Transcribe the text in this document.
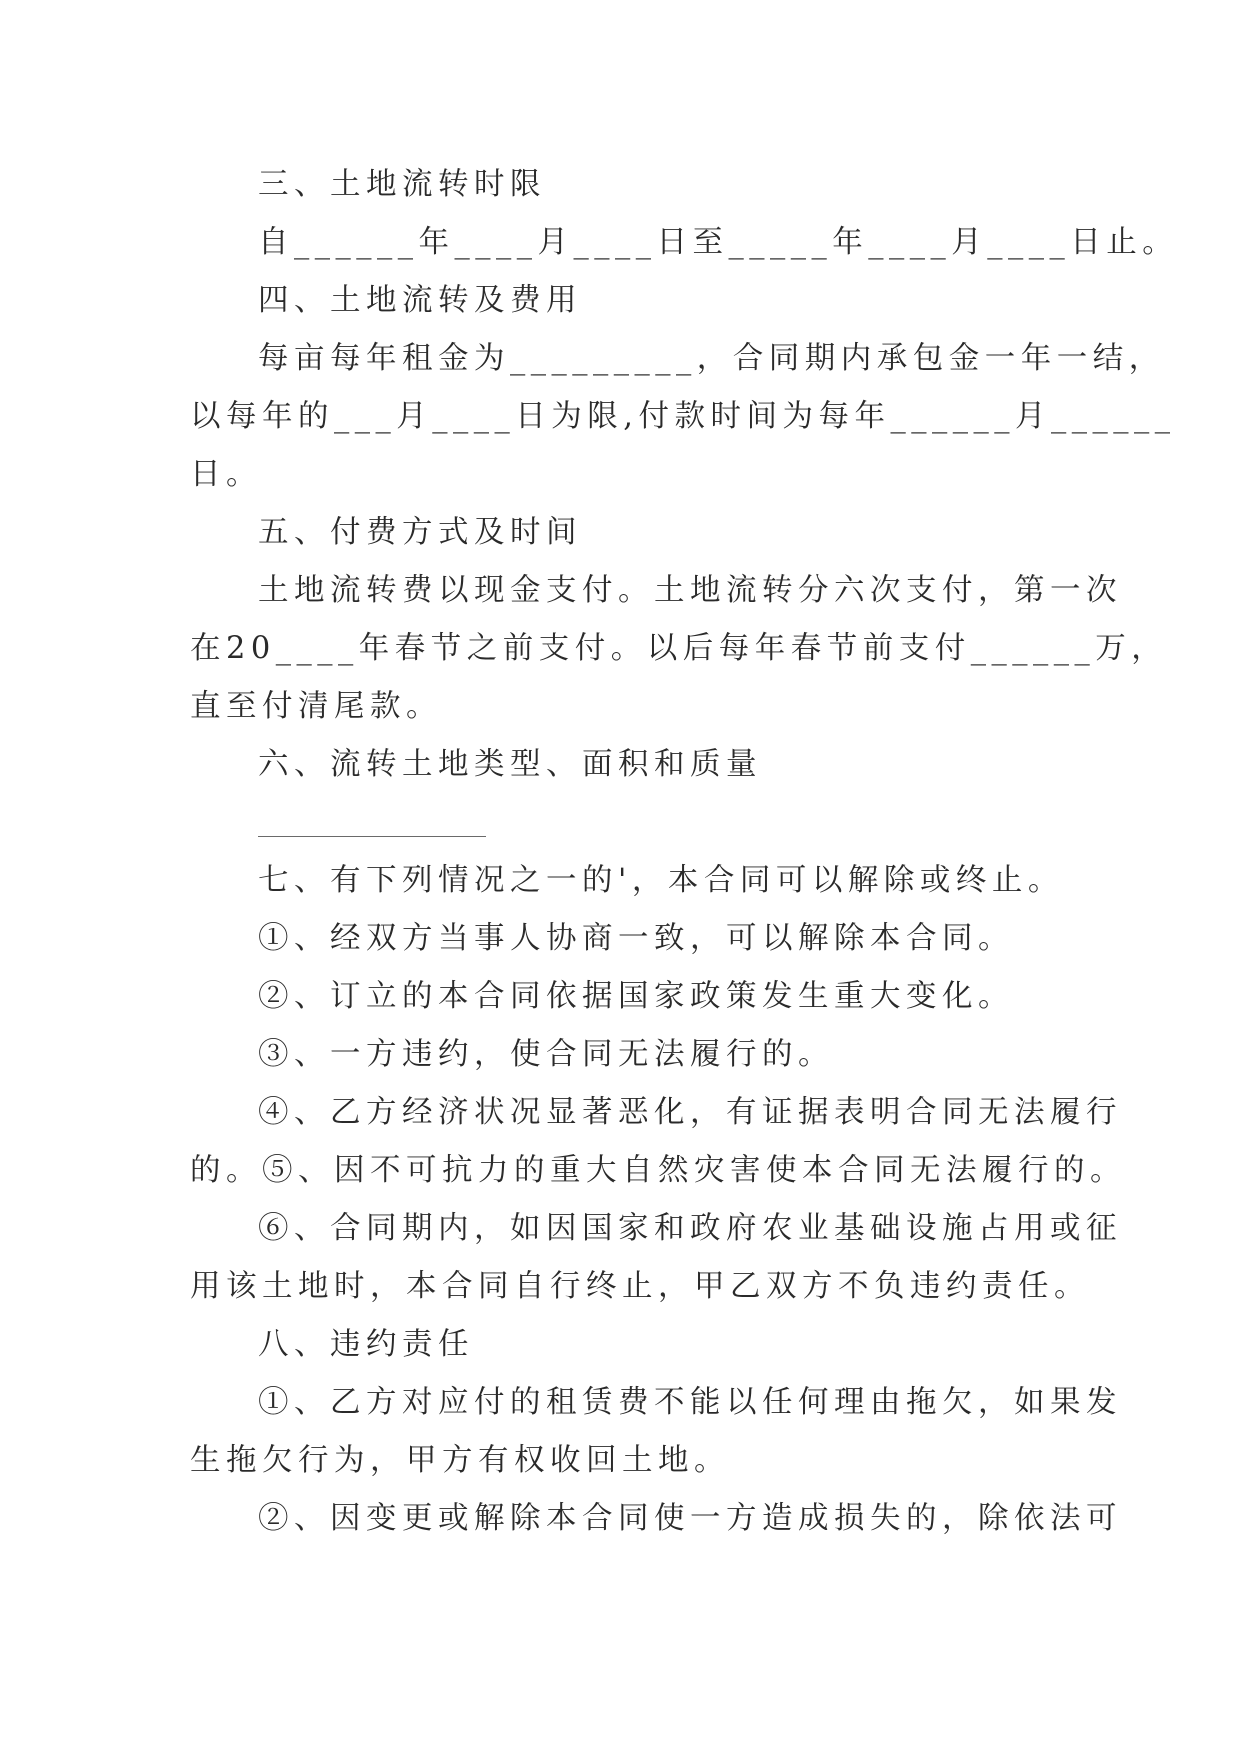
三、土地流转时限
自______年____月____日至_____年____月____日止。
四、土地流转及费用
每亩每年租金为_________，合同期内承包金一年一结，
以每年的___月____日为限,付款时间为每年______月______
日。
五、付费方式及时间
土地流转费以现金支付。土地流转分六次支付，第一次
在20____年春节之前支付。以后每年春节前支付______万，
直至付清尾款。
六、流转土地类型、面积和质量
七、有下列情况之一的'，本合同可以解除或终止。
①、经双方当事人协商一致，可以解除本合同。
②、订立的本合同依据国家政策发生重大变化。
③、一方违约，使合同无法履行的。
④、乙方经济状况显著恶化，有证据表明合同无法履行
的。⑤、因不可抗力的重大自然灾害使本合同无法履行的。
⑥、合同期内，如因国家和政府农业基础设施占用或征
用该土地时，本合同自行终止，甲乙双方不负违约责任。
八、违约责任
①、乙方对应付的租赁费不能以任何理由拖欠，如果发
生拖欠行为，甲方有权收回土地。
②、因变更或解除本合同使一方造成损失的，除依法可
